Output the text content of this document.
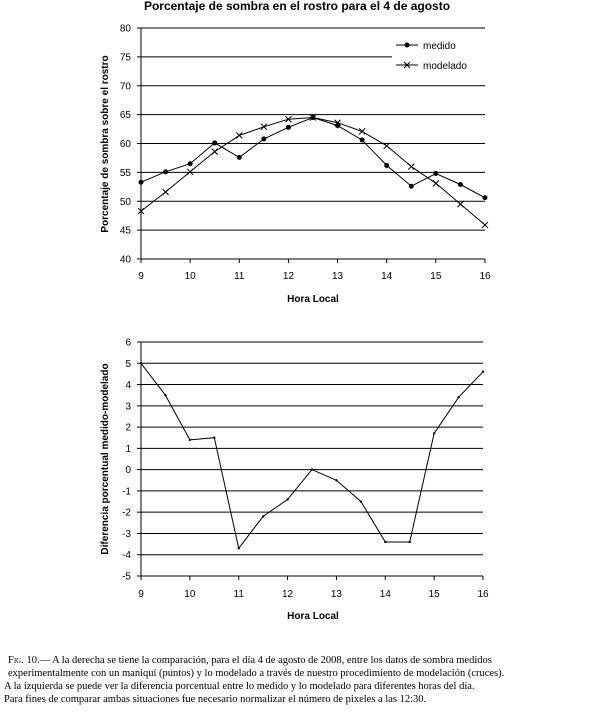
Porcentaje de sombra en el rostro para el 4 de agosto
40
45
50
55
60
65
70
75
80
9	10	11	12	13	14	15	16
Porcentaje de sombra sobre el rostro
Hora Local
medido
modelado
-5
-4
-3
-2
-1
0
1
2
3
4
5
6
9	10	11	12	13	14	15	16
Diferencia porcentual medido-modelado
Hora Local

Fig. 10.— A la derecha se tiene la comparación, para el día 4 de agosto de 2008, entre los datos de sombra medidos

experimentalmente con un maniquí (puntos) y lo modelado a través de nuestro procedimiento de modelación (cruces).

A la izquierda se puede ver la diferencia porcentual entre lo medido y lo modelado para diferentes horas del día.

Para fines de comparar ambas situaciones fue necesario normalizar el número de pixeles a las 12:30.
